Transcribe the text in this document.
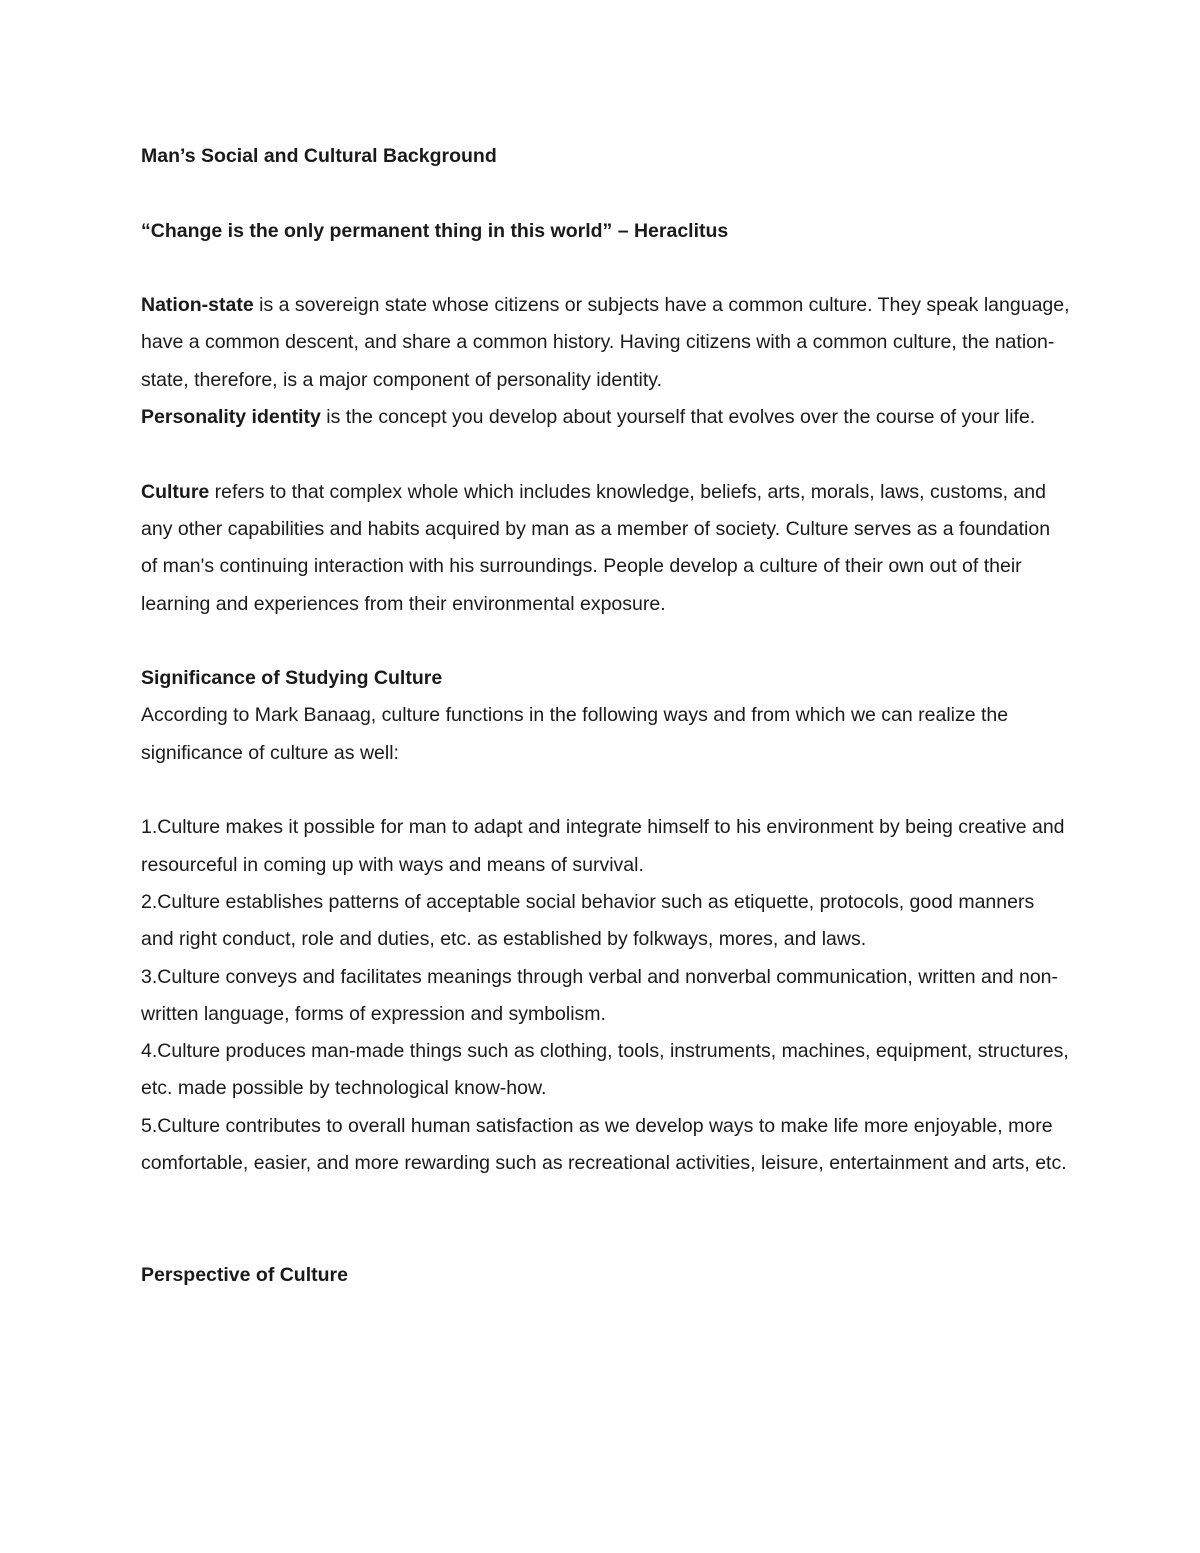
Man’s Social and Cultural Background

“Change is the only permanent thing in this world” – Heraclitus

Nation-state is a sovereign state whose citizens or subjects have a common culture. They speak language, have a common descent, and share a common history. Having citizens with a common culture, the nation-state, therefore, is a major component of personality identity.

Personality identity is the concept you develop about yourself that evolves over the course of your life.

Culture refers to that complex whole which includes knowledge, beliefs, arts, morals, laws, customs, and any other capabilities and habits acquired by man as a member of society. Culture serves as a foundation of man's continuing interaction with his surroundings. People develop a culture of their own out of their learning and experiences from their environmental exposure.

Significance of Studying Culture

According to Mark Banaag, culture functions in the following ways and from which we can realize the significance of culture as well:

1.Culture makes it possible for man to adapt and integrate himself to his environment by being creative and resourceful in coming up with ways and means of survival.

2.Culture establishes patterns of acceptable social behavior such as etiquette, protocols, good manners and right conduct, role and duties, etc. as established by folkways, mores, and laws.

3.Culture conveys and facilitates meanings through verbal and nonverbal communication, written and non-written language, forms of expression and symbolism.

4.Culture produces man-made things such as clothing, tools, instruments, machines, equipment, structures, etc. made possible by technological know-how.

5.Culture contributes to overall human satisfaction as we develop ways to make life more enjoyable, more comfortable, easier, and more rewarding such as recreational activities, leisure, entertainment and arts, etc.

Perspective of Culture
